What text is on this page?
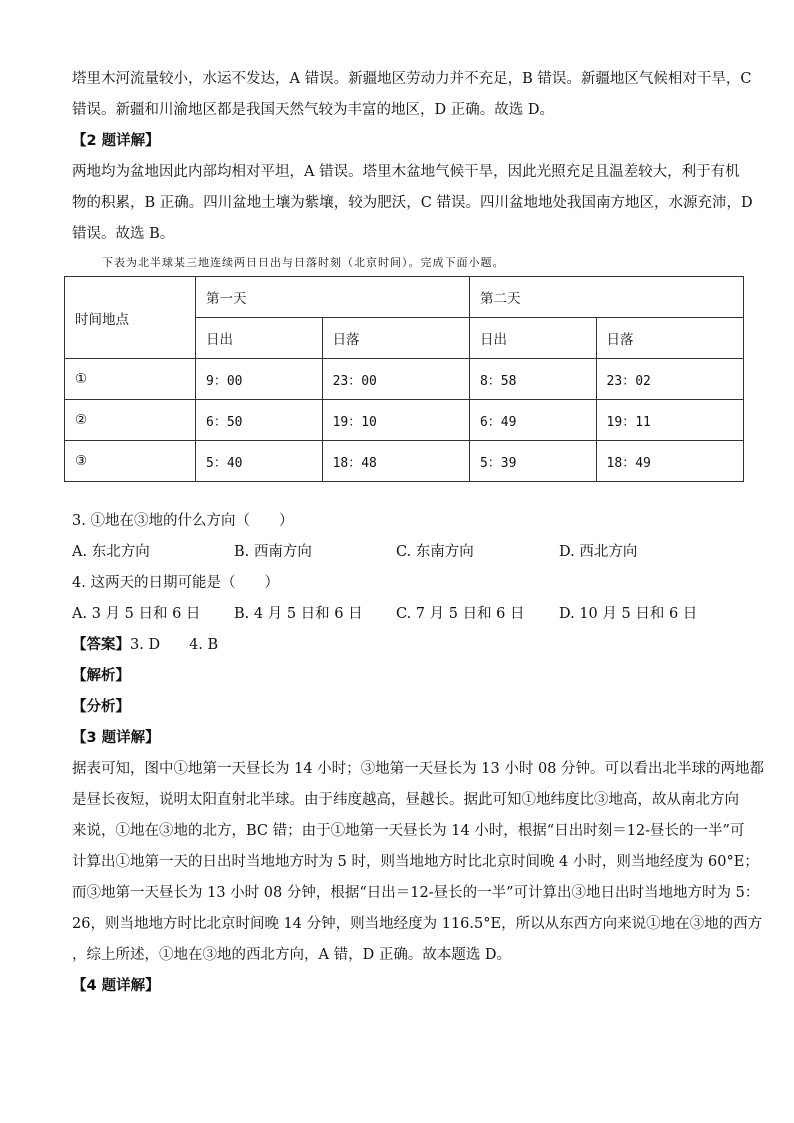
塔里木河流量较小，水运不发达，A 错误。新疆地区劳动力并不充足，B 错误。新疆地区气候相对干旱，C

错误。新疆和川渝地区都是我国天然气较为丰富的地区，D 正确。故选 D。

【2 题详解】

两地均为盆地因此内部均相对平坦，A 错误。塔里木盆地气候干旱，因此光照充足且温差较大，利于有机

物的积累，B 正确。四川盆地土壤为紫壤，较为肥沃，C 错误。四川盆地地处我国南方地区，水源充沛，D

错误。故选 B。

下表为北半球某三地连续两日日出与日落时刻（北京时间）。完成下面小题。

时间地点	第一天		第二天	
	日出	日落	日出	日落
①	9：00	23：00	8：58	23：02
②	6：50	19：10	6：49	19：11
③	5：40	18：48	5：39	18：49

3. ①地在③地的什么方向（　　）

A. 东北方向	B. 西南方向	C. 东南方向	D. 西北方向

4. 这两天的日期可能是（　　）

A. 3 月 5 日和 6 日	B. 4 月 5 日和 6 日	C. 7 月 5 日和 6 日	D. 10 月 5 日和 6 日

【答案】3. D　　4. B

【解析】

【分析】

【3 题详解】

据表可知，图中①地第一天昼长为 14 小时；③地第一天昼长为 13 小时 08 分钟。可以看出北半球的两地都

是昼长夜短，说明太阳直射北半球。由于纬度越高，昼越长。据此可知①地纬度比③地高，故从南北方向

来说，①地在③地的北方，BC 错；由于①地第一天昼长为 14 小时，根据“日出时刻＝12-昼长的一半”可

计算出①地第一天的日出时当地地方时为 5 时，则当地地方时比北京时间晚 4 小时，则当地经度为 60°E；

而③地第一天昼长为 13 小时 08 分钟，根据“日出＝12-昼长的一半”可计算出③地日出时当地地方时为 5：

26，则当地地方时比北京时间晚 14 分钟，则当地经度为 116.5°E，所以从东西方向来说①地在③地的西方

，综上所述，①地在③地的西北方向，A 错，D 正确。故本题选 D。

【4 题详解】
